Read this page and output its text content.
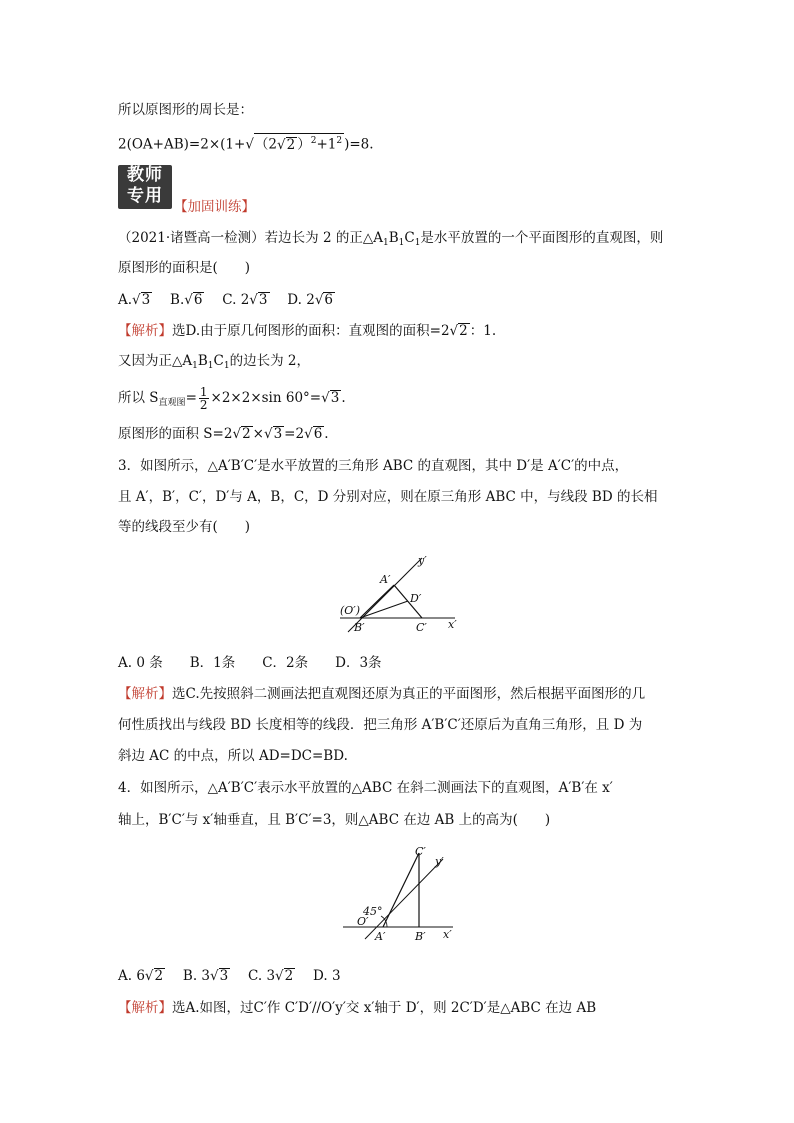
所以原图形的周长是：
2(OA+AB)=2×(1+√（2√2 ）$^2+1^2$ )=8.
教师
专用
【加固训练】
（2021·诸暨高一检测）若边长为 2 的正$\triangle A_1B_1C_1$是水平放置的一个平面图形的直观图，则
原图形的面积是(　　)
A.√3  B.√6  C. 2√3  D. 2√6
【解析】选D.由于原几何图形的面积：直观图的面积=2√2 ：1.
又因为正$\triangle A_1B_1C_1$的边长为 2，
所以 $S_{直观图}= \frac{1}{2} \times 2\times 2\times\sin$ 60°=√3 .
原图形的面积 S=2√2 ×√3 =2√6 .
3．如图所示，△A′B′C′是水平放置的三角形 ABC 的直观图，其中 D′是 A′C′的中点，
且 A′，B′，C′，D′与 A，B，C，D 分别对应，则在原三角形 ABC 中，与线段 BD 的长相
等的线段至少有(　　)
y′
A′
D′
(O′)
B′	C′ x′
A. 0 条　　B．1条　　C．2条　　D．3条
【解析】选C.先按照斜二测画法把直观图还原为真正的平面图形，然后根据平面图形的几
何性质找出与线段 BD 长度相等的线段．把三角形 A′B′C′还原后为直角三角形，且 D 为
斜边 AC 的中点，所以 AD=DC=BD.
4．如图所示，△A′B′C′表示水平放置的△ABC 在斜二测画法下的直观图，A′B′在 x′
轴上，B′C′与 x′轴垂直，且 B′C′=3，则△ABC 在边 AB 上的高为(　　)
C′
y′
45°
O′
A′	B′ x′
A. 6√2  B. 3√3  C. 3√2  D. 3
【解析】选A.如图，过C′作 C′D′//O′y′交 x′轴于 D′，则 2C′D′是△ABC 在边 AB
